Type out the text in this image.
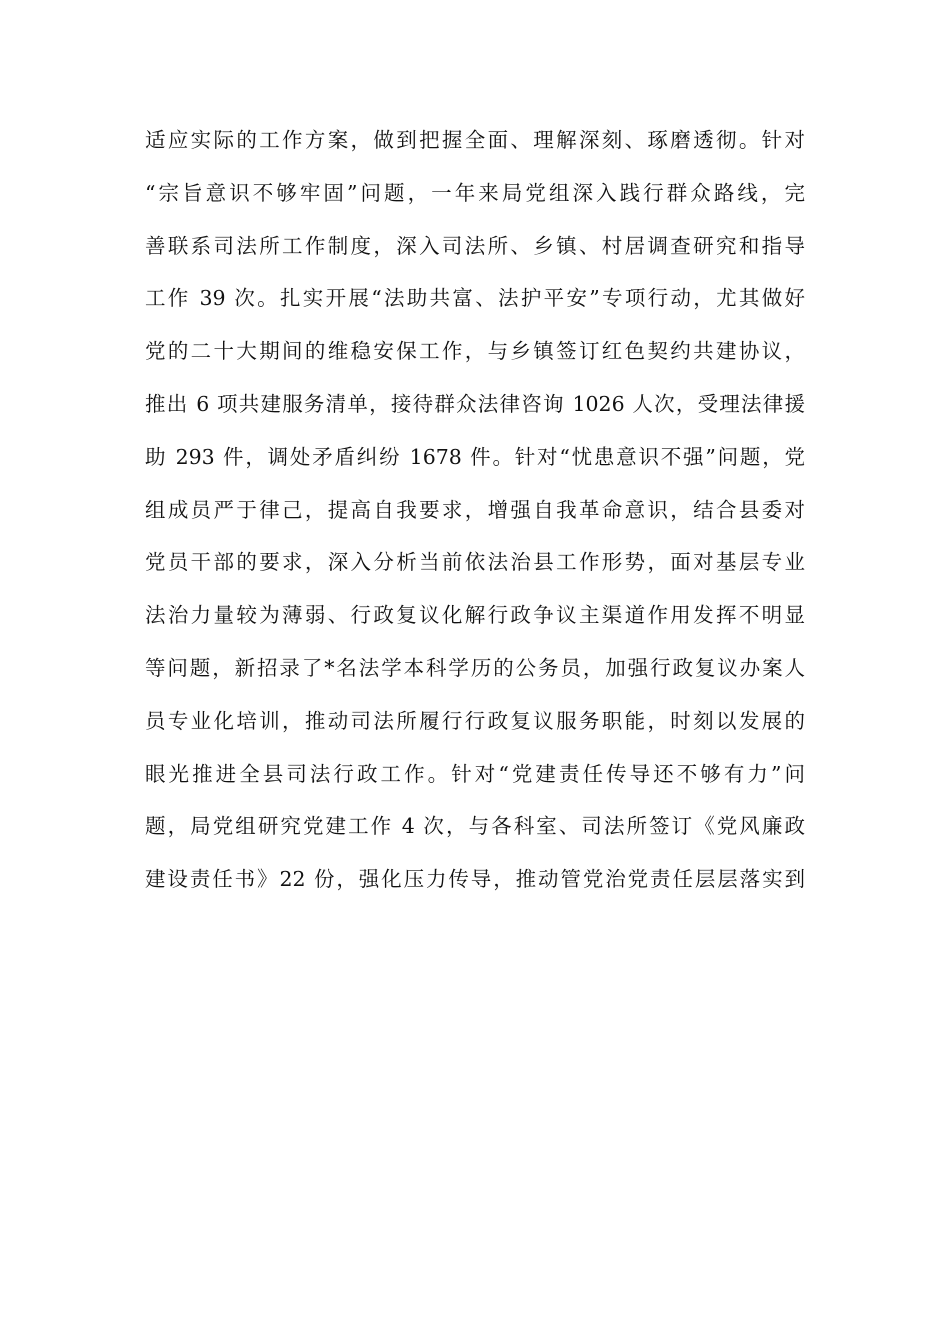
适应实际的工作方案，做到把握全面、理解深刻、琢磨透彻。针对
“宗旨意识不够牢固”问题，一年来局党组深入践行群众路线，完
善联系司法所工作制度，深入司法所、乡镇、村居调查研究和指导
工作 39 次。扎实开展“法助共富、法护平安”专项行动，尤其做好
党的二十大期间的维稳安保工作，与乡镇签订红色契约共建协议，
推出 6 项共建服务清单，接待群众法律咨询 1026 人次，受理法律援
助 293 件，调处矛盾纠纷 1678 件。针对“忧患意识不强”问题，党
组成员严于律己，提高自我要求，增强自我革命意识，结合县委对
党员干部的要求，深入分析当前依法治县工作形势，面对基层专业
法治力量较为薄弱、行政复议化解行政争议主渠道作用发挥不明显
等问题，新招录了*名法学本科学历的公务员，加强行政复议办案人
员专业化培训，推动司法所履行行政复议服务职能，时刻以发展的
眼光推进全县司法行政工作。针对“党建责任传导还不够有力”问
题，局党组研究党建工作 4 次，与各科室、司法所签订《党风廉政
建设责任书》22 份，强化压力传导，推动管党治党责任层层落实到
